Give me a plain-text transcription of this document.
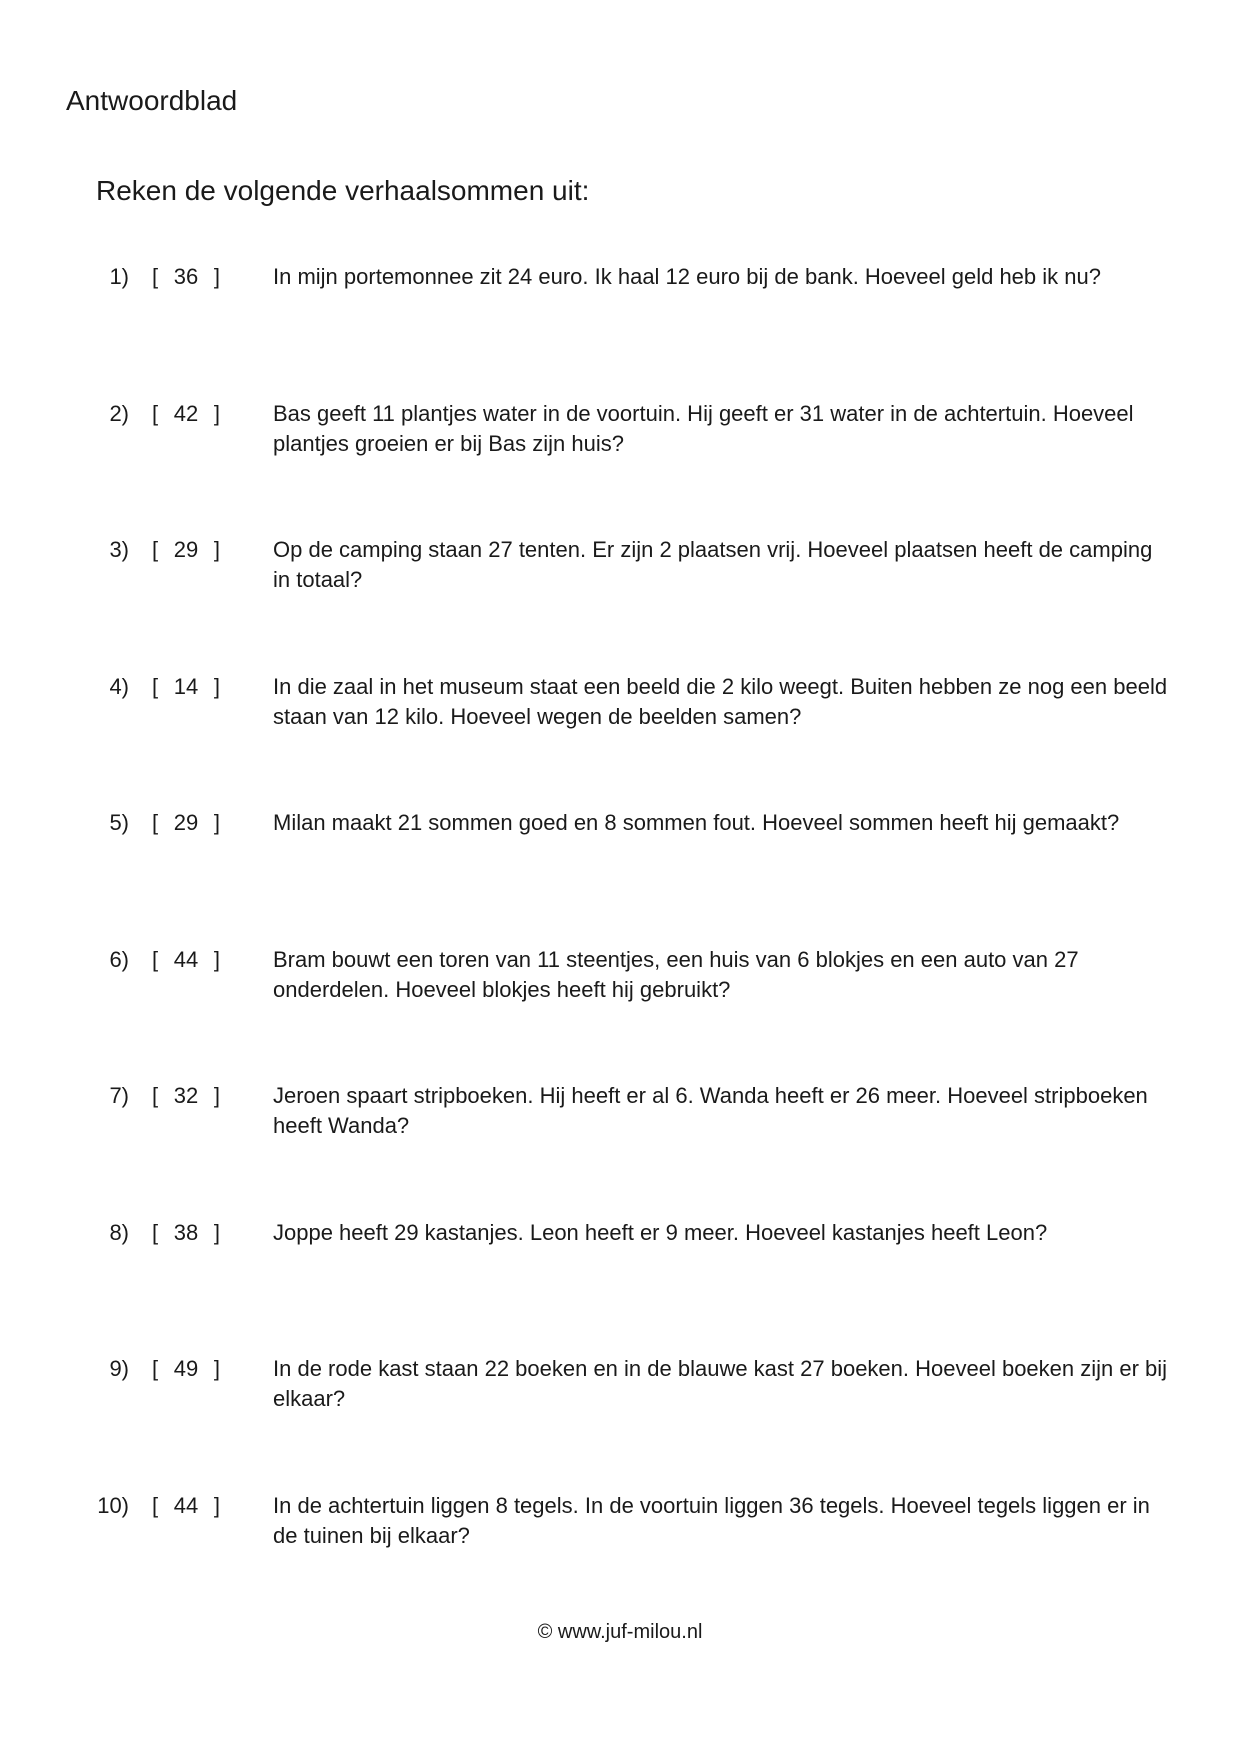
Antwoordblad
Reken de volgende verhaalsommen uit:
1) [ 36 ] In mijn portemonnee zit 24 euro. Ik haal 12 euro bij de bank. Hoeveel geld heb ik nu?
2) [ 42 ] Bas geeft 11 plantjes water in de voortuin. Hij geeft er 31 water in de achtertuin. Hoeveel plantjes groeien er bij Bas zijn huis?
3) [ 29 ] Op de camping staan 27 tenten. Er zijn 2 plaatsen vrij. Hoeveel plaatsen heeft de camping in totaal?
4) [ 14 ] In die zaal in het museum staat een beeld die 2 kilo weegt. Buiten hebben ze nog een beeld staan van 12 kilo. Hoeveel wegen de beelden samen?
5) [ 29 ] Milan maakt 21 sommen goed en 8 sommen fout. Hoeveel sommen heeft hij gemaakt?
6) [ 44 ] Bram bouwt een toren van 11 steentjes, een huis van 6 blokjes en een auto van 27 onderdelen. Hoeveel blokjes heeft hij gebruikt?
7) [ 32 ] Jeroen spaart stripboeken. Hij heeft er al 6. Wanda heeft er 26 meer. Hoeveel stripboeken heeft Wanda?
8) [ 38 ] Joppe heeft 29 kastanjes. Leon heeft er 9 meer. Hoeveel kastanjes heeft Leon?
9) [ 49 ] In de rode kast staan 22 boeken en in de blauwe kast 27 boeken. Hoeveel boeken zijn er bij elkaar?
10) [ 44 ] In de achtertuin liggen 8 tegels. In de voortuin liggen 36 tegels. Hoeveel tegels liggen er in de tuinen bij elkaar?
© www.juf-milou.nl
